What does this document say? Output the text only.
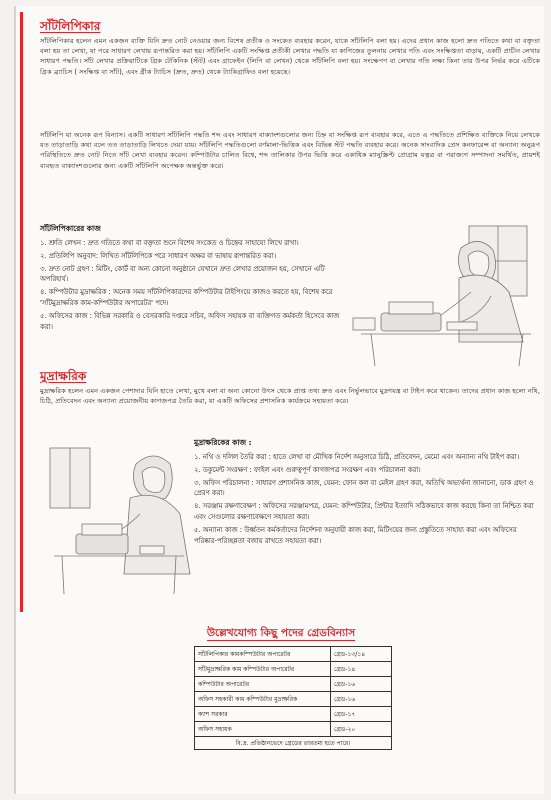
সাঁটলিপিকার
সাঁটলিপিকার হলেন এমন একজন ব্যক্তি যিনি দ্রুত নোট নেওয়ার জন্য বিশেষ প্রতীক ও সংকেত ব্যবহার করেন, যাকে সাঁটলিপি বলা হয়। এদের প্রধান কাজ হলো দ্রুত গতিতে কথা বা বক্তৃতা বলা হয় তা লেখা, যা পরে সাধারণ লেখায় রূপান্তরিত করা হয়। সাঁটলিপি একটি সংক্ষিপ্ত প্রতীকী লেখার পদ্ধতি যা কাগিজের তুলনায় লেখার গতি এবং সংক্ষিপ্ততা বাড়ায়, একটি প্রাচীন লেখার সাধারণ পদ্ধতি। সাঁট লেখার প্রক্রিয়াটিকে গ্রিক টেকিনিক (স্টট) এবং গ্রাফেইন (লিপি বা লেখন) থেকে সাঁটলিপি বলা হয়। সংক্ষেপণ বা লেখার গতি লক্ষ্য কিনা তার উপর নির্ভর করে এটিকে গ্রিক ব্র্যাচিস ( সংক্ষিপ্ত বা সাঁট), এবং গ্রীক ট্যাচিস (দ্রুত, দ্রুত) থেকে ট্যাকিগ্রাফিও বলা হয়েছে।
সাঁটলিপি যা অনেক রূপ বিন্যাস। একটি সাধারণ সাঁটলিপি পদ্ধতি শব্দ এবং সাধারণ বাক্যাংশগুলোর জন্য চিহ্ন বা সংক্ষিপ্ত রূপ ব্যবহার করে, এতে এ পদ্ধতিতে প্রশিক্ষিত ব্যক্তিকে নিয়ে লেখকে যত তাড়াতাড়ি কথা বলে তত তাড়াতাড়ি লিখতে দেয়া যায়। সাঁটলিপি পদ্ধতিগুলো বর্ণমালা-ভিত্তিক এবং বিভিন্ন স্টট পদ্ধতি ব্যবহার করে। অনেক সাংবাদিক প্রেস কনফারেন্স বা অন্যান্য অনুরূপ পরিস্থিতিতে দ্রুত নোট নিতে সাঁট লেখা ব্যবহার করেন। কম্পিউটার চালিত বিশ্বে, শব্দ তালিকার উপর ভিত্তি করে একাধিক ম্যানুস্ক্রিপ্ট প্রোগ্রাম যত্নত্র বা পরাজ্যগ সম্পাদনা সমর্থিত, প্রায়শই ব্যবহৃত বাক্যাংশগুলোর জন্য একটি সাঁটলিপি অপেক্ষক অন্তর্ভুক্ত করে।
সাঁটলিপিকারের কাজ
১. শ্রুতি লেখন : দ্রুত গতিতে কথা বা বক্তৃতা শুনে বিশেষ সংকেত ও চিহ্নের সাহায্যে লিখে রাখা।
২. প্রতিলিপি অনুবাদ: লিখিত সাঁটলিপিকে পরে সাধারণ অক্ষর বা ভাষায় রূপান্তরিত করা।
৩. দ্রুত নোট গ্রহণ : মিটিং, কোর্ট বা অন্য কোনো অনুষ্ঠানে যেখানে দ্রুত লেখার প্রয়োজন হয়, সেখানে এটি অপরিহার্য।
৪. কম্পিউটার মুদ্রাক্ষরিক : অনেক সময় সাঁটলিপিকারদের কম্পিউটার টাইপিংয়ে কাজও করতে হয়, বিশেষ করে 'সাঁটমুদ্রাক্ষরিক কাম-কম্পিউটার অপারেটর' পদে।
৫. অফিসের কাজ : বিভিন্ন সরকারি ও বেসরকারি দপ্তরে সচিব, অফিস সহায়ক বা ব্যক্তিগত কর্মকর্তা হিসেবে কাজ করা।
মুদ্রাক্ষরিক
মুদ্রাক্ষরিক হলেন এমন একজন পেশাদার যিনি হাতে লেখা, মুখে বলা বা অন্য কোনো উৎস থেকে প্রাপ্ত তথ্য দ্রুত এবং নির্ভুলভাবে মুদ্রণযন্ত্র বা টাইপ করে থাকেন। তাদের প্রধান কাজ হলো নথি, চিঠি, প্রতিবেদন এবং অন্যান্য প্রয়োজনীয় কাগজপত্র তৈরি করা, যা একটি অফিসের প্রশাসনিক কার্যক্রমে সহায়তা করে।
মুদ্রাক্ষরিকের কাজ :
১. নথি ও দলিল তৈরি করা : হাতে লেখা বা মৌখিক নির্দেশ অনুসারে চিঠি, প্রতিবেদন, মেমো এবং অন্যান্য নথি টাইপ করা।
২. ডকুমেন্ট সংরক্ষণ : ফাইল এবং গুরুত্বপূর্ণ কাগজপত্র সংরক্ষণ এবং পরিচালনা করা।
৩. অফিস পরিচালনা : সাধারণ প্রশাসনিক কাজ, যেমন: ফোন কল বা মেইল গ্রহণ করা, অতিথি অভ্যর্থনা জানানো, ডাক গ্রহণ ও প্রেরণ করা।
৪. সরঞ্জাম রক্ষণাবেক্ষণ : অফিসের সরঞ্জামপত্র, যেমন: কম্পিউটার, প্রিন্টার ইত্যাদি সঠিকভাবে কাজ করছে কিনা তা নিশ্চিত করা এবং সেগুলোর রক্ষণাবেক্ষণে সহায়তা করা।
৫. অন্যান্য কাজ : উর্ধ্বতন কর্মকর্তাদের নির্দেশনা অনুযায়ী কাজ করা, মিটিংয়ের জন্য প্রস্তুতিতে সাহায্য করা এবং অফিসের পরিষ্কার-পরিচ্ছন্নতা বজায় রাখতে সহায়তা করা।
উল্লেখযোগ্য কিছু পদের গ্রেডবিন্যাস
সাঁটলিপিকার কামকম্পিউটার অপারেটর	গ্রেড-১৩/১৪
সাঁটমুদ্রাক্ষরিক কাম কম্পিউটার অপারেটর	গ্রেড-১৪
কম্পিউটার অপারেটর	গ্রেড-১৬
অফিস সহকারী কাম কম্পিউটার মুদ্রাক্ষরিক	গ্রেড-১৬
ক্যাশ সরকার	গ্রেড-১৭
অফিস সহায়ক	গ্রেড-২০
বি.দ্র. প্রতিষ্ঠানভেদে গ্রেডের তারতম্য হতে পারে।	
